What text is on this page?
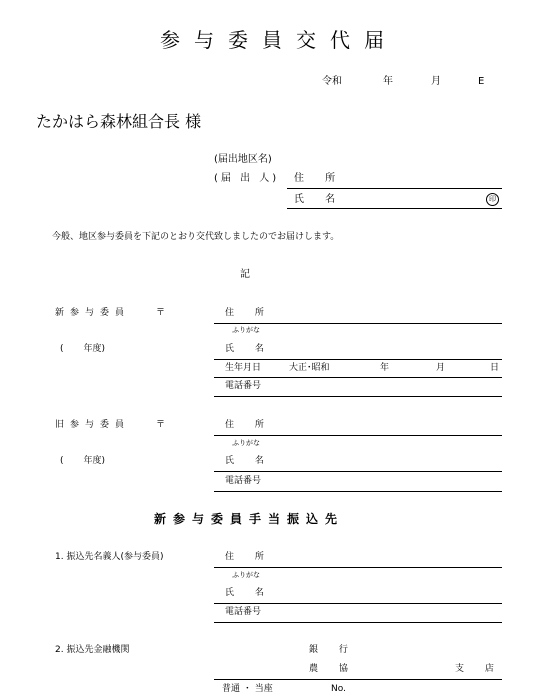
参与委員交代届
令和	年	月	E
たかはら森林組合長 様
(届出地区名)
(届 出 人) 住 所
氏 名	印
今般、地区参与委員を下記のとおり交代致しましたのでお届けします。
記
新参与委員	〒	住 所
ふりがな
(       年度)	氏 名
生年月日	大正･昭和	年	月	日
電話番号
旧参与委員	〒	住 所
ふりがな
(       年度)	氏 名
電話番号
新参与委員手当振込先
1. 振込先名義人(参与委員)	住 所
ふりがな
氏 名
電話番号
2. 振込先金融機関	銀 行
農 協	支 店
普通 ・ 当座	No.
